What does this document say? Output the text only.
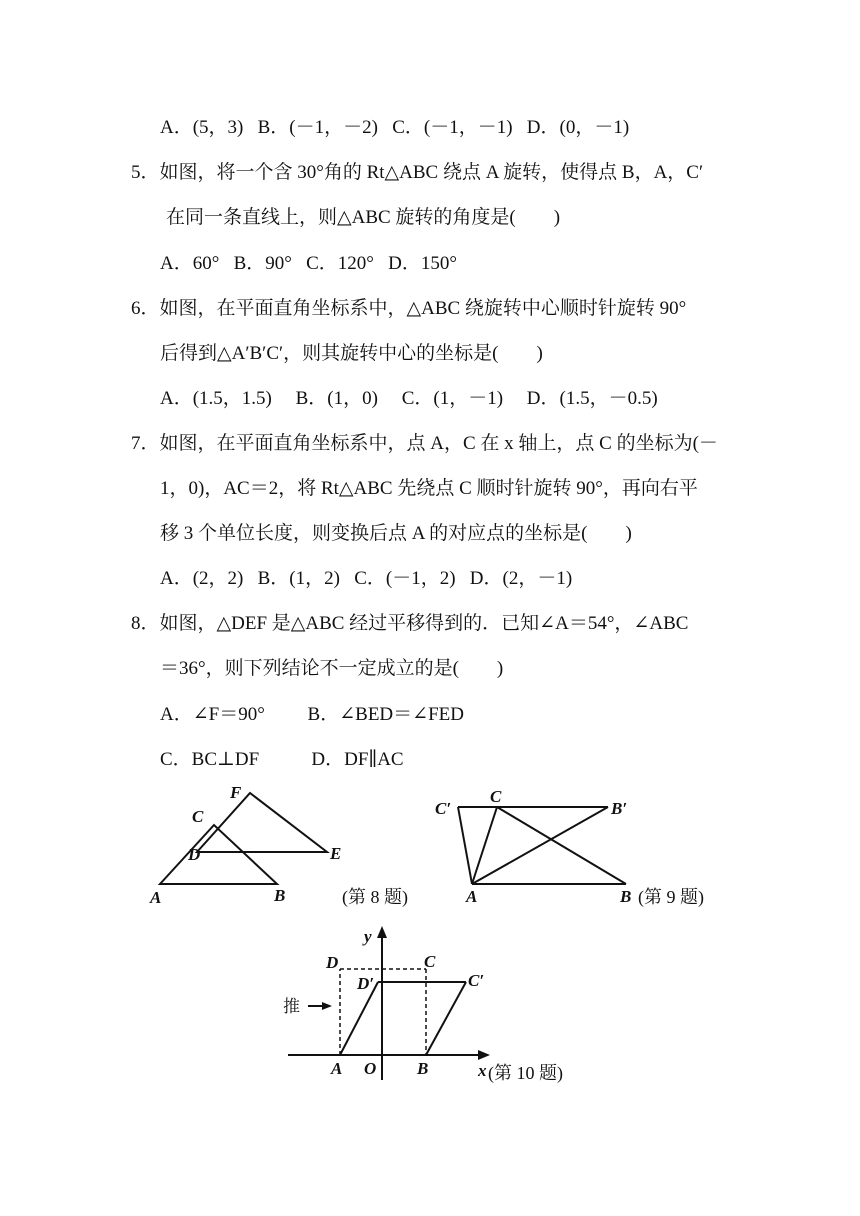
A．(5，3)   B．(－1，－2)   C．(－1，－1)   D．(0，－1)
5．如图，将一个含 30°角的 Rt△ABC 绕点 A 旋转，使得点 B，A，C′
在同一条直线上，则△ABC 旋转的角度是(        )
A．60°   B．90°   C．120°   D．150°
6．如图，在平面直角坐标系中，△ABC 绕旋转中心顺时针旋转 90°
后得到△A′B′C′，则其旋转中心的坐标是(        )
A．(1.5，1.5)     B．(1，0)     C．(1，－1)     D．(1.5，－0.5)
7．如图，在平面直角坐标系中，点 A，C 在 x 轴上，点 C 的坐标为(－
1，0)，AC＝2，将 Rt△ABC 先绕点 C 顺时针旋转 90°，再向右平
移 3 个单位长度，则变换后点 A 的对应点的坐标是(        )
A．(2，2)   B．(1，2)   C．(－1，2)   D．(2，－1)
8．如图，△DEF 是△ABC 经过平移得到的．已知∠A＝54°，∠ABC
＝36°，则下列结论不一定成立的是(        )
A．∠F＝90°         B．∠BED＝∠FED
C．BC⊥DF           D．DF∥AC
F
C
D	E
A	B	(第 8 题)
C′
C
B′
A	B (第 9 题)
y
x
D	C
D′	C′
A O B
推
(第 10 题)
